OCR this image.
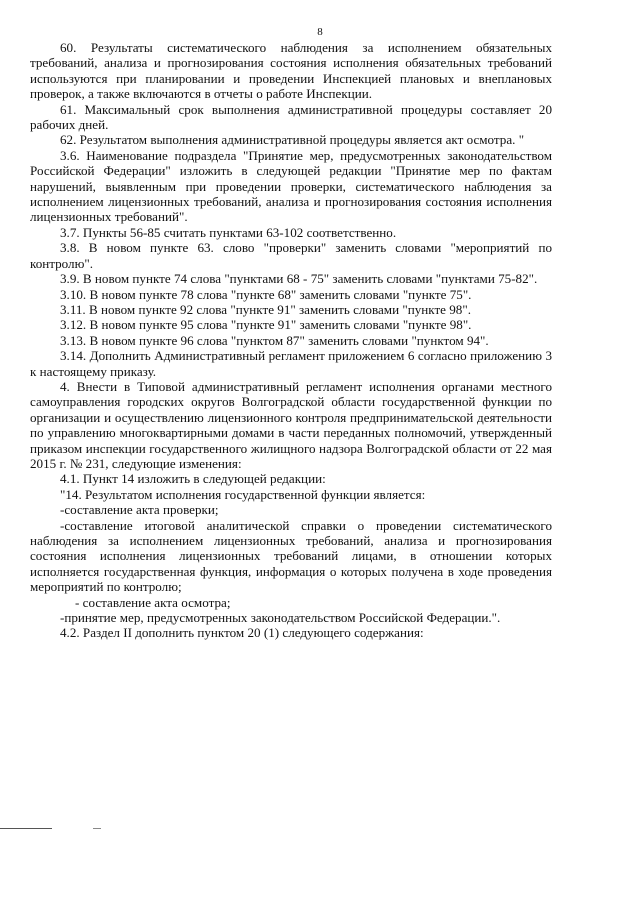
8

60. Результаты систематического наблюдения за исполнением обязательных требований, анализа и прогнозирования состояния исполнения обязательных требований используются при планировании и проведении Инспекцией плановых и внеплановых проверок, а также включаются в отчеты о работе Инспекции.

61. Максимальный срок выполнения административной процедуры составляет 20 рабочих дней.

62. Результатом выполнения административной процедуры является акт осмотра. "

3.6. Наименование подраздела "Принятие мер, предусмотренных законодательством Российской Федерации" изложить в следующей редакции "Принятие мер по фактам нарушений, выявленным при проведении проверки, систематического наблюдения за исполнением лицензионных требований, анализа и прогнозирования состояния исполнения лицензионных требований".

3.7. Пункты 56-85 считать пунктами 63-102 соответственно.

3.8. В новом пункте 63. слово "проверки" заменить словами "мероприятий по контролю".

3.9. В новом пункте 74 слова "пунктами 68 - 75" заменить словами "пунктами 75-82".

3.10. В новом пункте 78 слова "пункте 68" заменить словами "пункте 75".

3.11. В новом пункте 92 слова "пункте 91" заменить словами "пункте 98".

3.12. В новом пункте 95 слова "пункте 91" заменить словами "пункте 98".

3.13. В новом пункте 96 слова "пунктом 87" заменить словами "пунктом 94".

3.14. Дополнить Административный регламент приложением 6 согласно приложению 3 к настоящему приказу.

4. Внести в Типовой административный регламент исполнения органами местного самоуправления городских округов Волгоградской области государственной функции по организации и осуществлению лицензионного контроля предпринимательской деятельности по управлению многоквартирными домами в части переданных полномочий, утвержденный приказом инспекции государственного жилищного надзора Волгоградской области от 22 мая 2015 г. № 231, следующие изменения:

4.1. Пункт 14 изложить в следующей редакции:

"14. Результатом исполнения государственной функции является:

-составление акта проверки;

-составление итоговой аналитической справки о проведении систематического наблюдения за исполнением лицензионных требований, анализа и прогнозирования состояния исполнения лицензионных требований лицами, в отношении которых исполняется государственная функция, информация о которых получена в ходе проведения мероприятий по контролю;

- составление акта осмотра;

-принятие мер, предусмотренных законодательством Российской Федерации.".

4.2. Раздел II дополнить пунктом 20 (1) следующего содержания:
